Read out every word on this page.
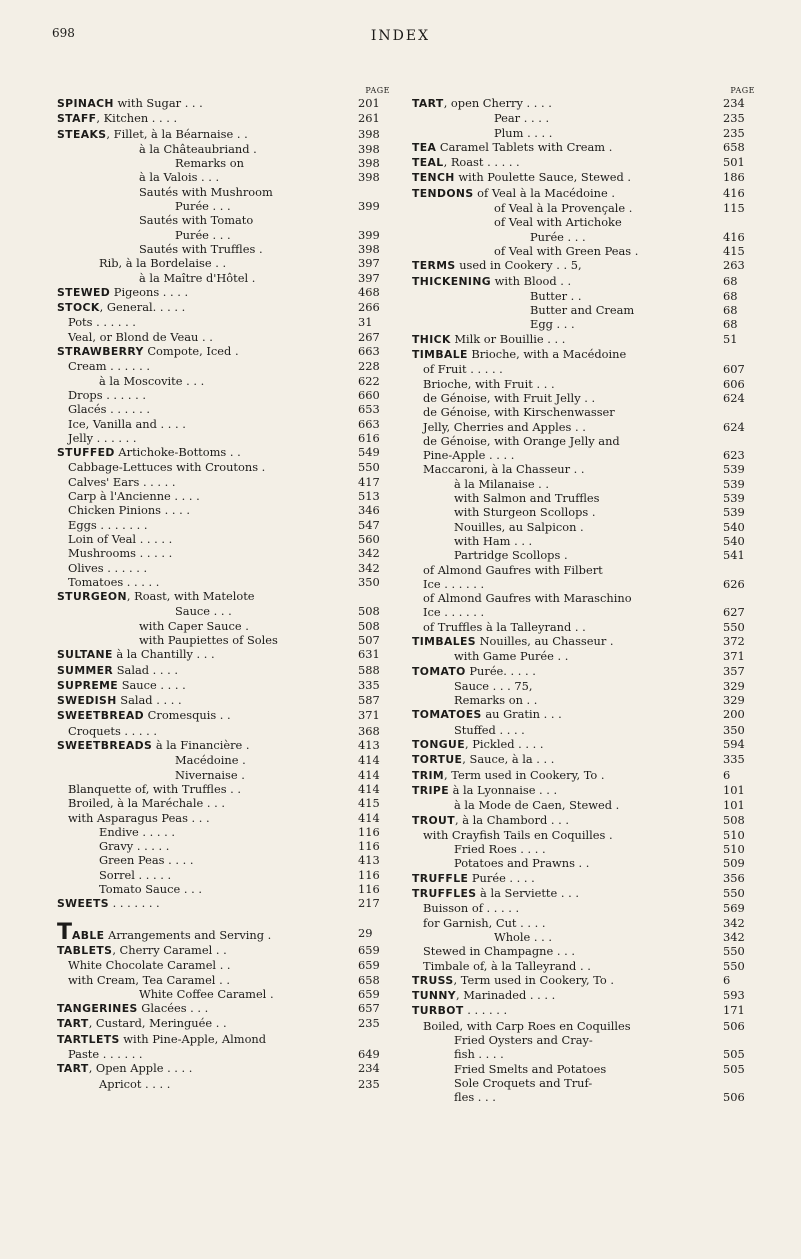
698	INDEX
PAGE
SPINACH with Sugar . . .	201
STAFF, Kitchen . . . .	261
STEAKS, Fillet, à la Béarnaise . .	398
à la Châteaubriand .	398
Remarks on	398
à la Valois . . .	398
Sautés with Mushroom
Purée . . .	399
Sautés with Tomato
Purée . . .	399
Sautés with Truffles .	398
Rib, à la Bordelaise . .	397
à la Maître d'Hôtel .	397
STEWED Pigeons . . . .	468
STOCK, General. . . . .	266
Pots . . . . . .	31
Veal, or Blond de Veau . .	267
STRAWBERRY Compote, Iced .	663
Cream . . . . . .	228
à la Moscovite . . .	622
Drops . . . . . .	660
Glacés . . . . . .	653
Ice, Vanilla and . . . .	663
Jelly . . . . . .	616
STUFFED Artichoke-Bottoms . .	549
Cabbage-Lettuces with Croutons .	550
Calves' Ears . . . . .	417
Carp à l'Ancienne . . . .	513
Chicken Pinions . . . .	346
Eggs . . . . . . .	547
Loin of Veal . . . . .	560
Mushrooms . . . . .	342
Olives . . . . . .	342
Tomatoes . . . . .	350
STURGEON, Roast, with Matelote
Sauce . . .	508
with Caper Sauce .	508
with Paupiettes of Soles	507
SULTANE à la Chantilly . . .	631
SUMMER Salad . . . .	588
SUPREME Sauce . . . .	335
SWEDISH Salad . . . .	587
SWEETBREAD Cromesquis . .	371
Croquets . . . . .	368
SWEETBREADS à la Financière .	413
Macédoine .	414
Nivernaise .	414
Blanquette of, with Truffles . .	414
Broiled, à la Maréchale . . .	415
with Asparagus Peas . . .	414
Endive . . . . .	116
Gravy . . . . .	116
Green Peas . . . .	413
Sorrel . . . . .	116
Tomato Sauce . . .	116
SWEETS . . . . . . .	217
TABLE Arrangements and Serving .	29
TABLETS, Cherry Caramel . .	659
White Chocolate Caramel . .	659
with Cream, Tea Caramel . .	658
White Coffee Caramel .	659
TANGERINES Glacées . . .	657
TART, Custard, Meringuée . .	235
TARTLETS with Pine-Apple, Almond
Paste . . . . . .	649
TART, Open Apple . . . .	234
Apricot . . . .	235
PAGE
TART, open Cherry . . . .	234
Pear . . . .	235
Plum . . . .	235
TEA Caramel Tablets with Cream .	658
TEAL, Roast . . . . .	501
TENCH with Poulette Sauce, Stewed .	186
TENDONS of Veal à la Macédoine .	416
of Veal à la Provençale .	115
of Veal with Artichoke
Purée . . .	416
of Veal with Green Peas .	415
TERMS used in Cookery . . 5,	263
THICKENING with Blood . .	68
Butter . .	68
Butter and Cream	68
Egg . . .	68
THICK Milk or Bouillie . . .	51
TIMBALE Brioche, with a Macédoine
of Fruit . . . . .	607
Brioche, with Fruit . . .	606
de Génoise, with Fruit Jelly . .	624
de Génoise, with Kirschenwasser
Jelly, Cherries and Apples . .	624
de Génoise, with Orange Jelly and
Pine-Apple . . . .	623
Maccaroni, à la Chasseur . .	539
à la Milanaise . .	539
with Salmon and Truffles	539
with Sturgeon Scollops .	539
Nouilles, au Salpicon .	540
with Ham . . .	540
Partridge Scollops .	541
of Almond Gaufres with Filbert
Ice . . . . . .	626
of Almond Gaufres with Maraschino
Ice . . . . . .	627
of Truffles à la Talleyrand . .	550
TIMBALES Nouilles, au Chasseur .	372
with Game Purée . .	371
TOMATO Purée. . . . .	357
Sauce . . . 75,	329
Remarks on . .	329
TOMATOES au Gratin . . .	200
Stuffed . . . .	350
TONGUE, Pickled . . . .	594
TORTUE, Sauce, à la . . .	335
TRIM, Term used in Cookery, To .	6
TRIPE à la Lyonnaise . . .	101
à la Mode de Caen, Stewed .	101
TROUT, à la Chambord . . .	508
with Crayfish Tails en Coquilles .	510
Fried Roes . . . .	510
Potatoes and Prawns . .	509
TRUFFLE Purée . . . .	356
TRUFFLES à la Serviette . . .	550
Buisson of . . . . .	569
for Garnish, Cut . . . .	342
Whole . . .	342
Stewed in Champagne . . .	550
Timbale of, à la Talleyrand . .	550
TRUSS, Term used in Cookery, To .	6
TUNNY, Marinaded . . . .	593
TURBOT . . . . . .	171
Boiled, with Carp Roes en Coquilles	506
Fried Oysters and Cray-
fish . . . .	505
Fried Smelts and Potatoes	505
Sole Croquets and Truf-
fles . . .	506
